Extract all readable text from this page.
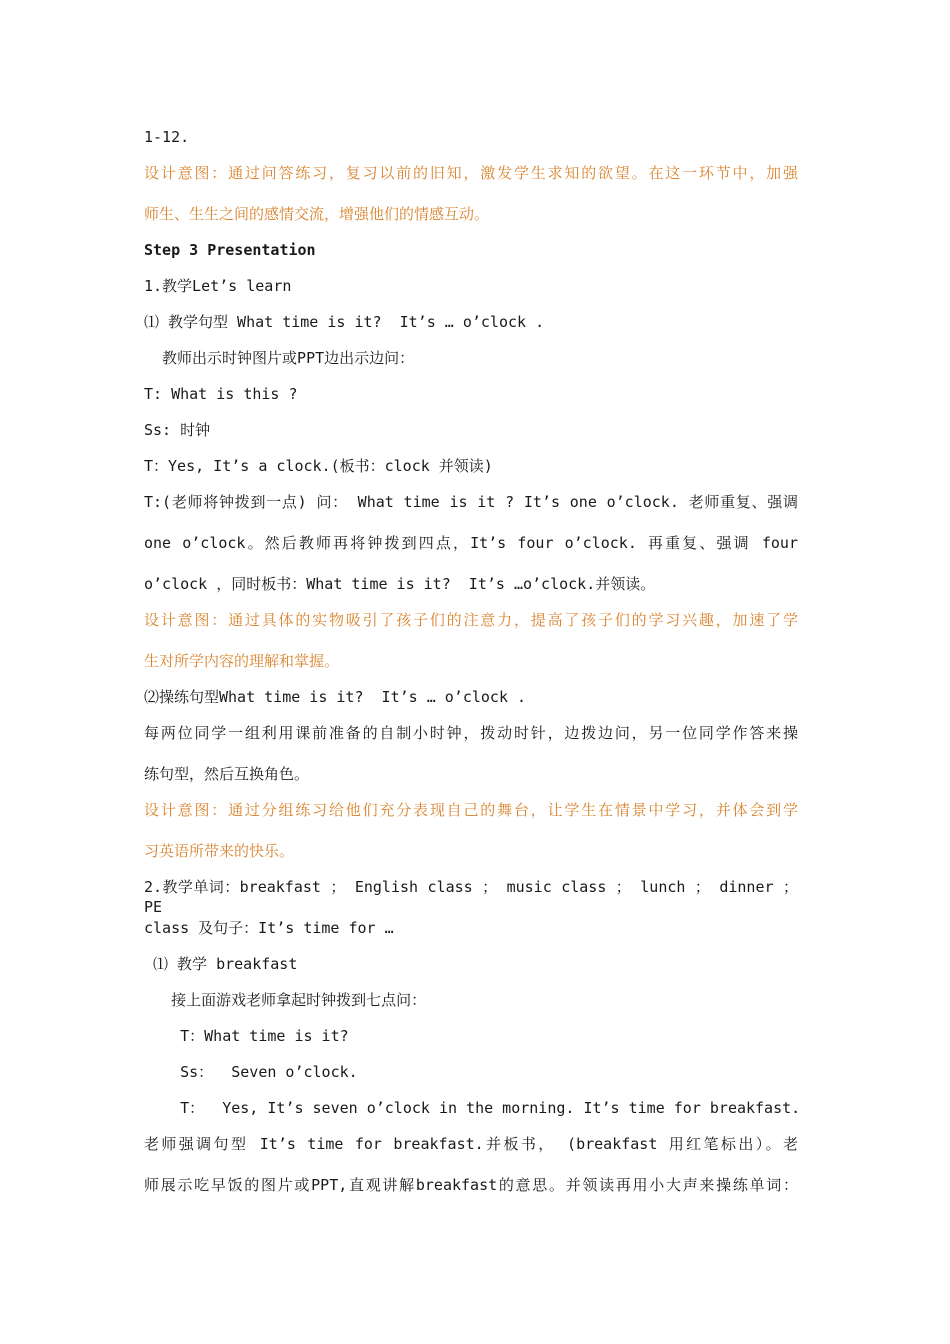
1-12.
设计意图：通过问答练习，复习以前的旧知，激发学生求知的欲望。在这一环节中，加强
师生、生生之间的感情交流，增强他们的情感互动。
Step 3 Presentation
1.教学Let’s learn
⑴ 教学句型 What time is it?  It’s … o’clock .
教师出示时钟图片或PPT边出示边问：
T: What is this ?
Ss: 时钟
T：Yes, It’s a clock.(板书：clock 并领读)
T:(老师将钟拨到一点) 问： What time is it ? It’s one o’clock. 老师重复、强调
one o’clock。然后教师再将钟拨到四点，It’s four o’clock. 再重复、强调 four
o’clock ，同时板书：What time is it?  It’s …o’clock.并领读。
设计意图：通过具体的实物吸引了孩子们的注意力，提高了孩子们的学习兴趣，加速了学
生对所学内容的理解和掌握。
⑵操练句型What time is it?  It’s … o’clock .
每两位同学一组利用课前准备的自制小时钟，拨动时针，边拨边问，另一位同学作答来操
练句型，然后互换角色。
设计意图：通过分组练习给他们充分表现自己的舞台，让学生在情景中学习，并体会到学
习英语所带来的快乐。
2.教学单词：breakfast ； English class ； music class ； lunch ； dinner ； PE
class 及句子：It’s time for …
⑴ 教学 breakfast
接上面游戏老师拿起时钟拨到七点问：
T：What time is it?
Ss：  Seven o’clock.
T：  Yes, It’s seven o’clock in the morning. It’s time for breakfast.
老师强调句型 It’s time for breakfast.并板书， (breakfast 用红笔标出）。老
师展示吃早饭的图片或PPT,直观讲解breakfast的意思。并领读再用小大声来操练单词：
